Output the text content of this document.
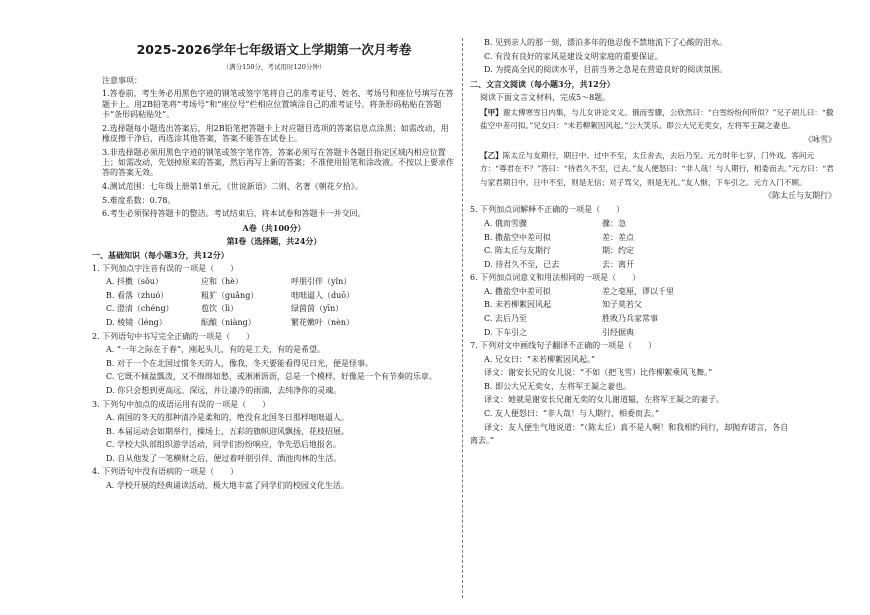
2025-2026学年七年级语文上学期第一次月考卷
（满分150分，考试用时120分钟）
注意事项：
1.答卷前，考生务必用黑色字迹的钢笔或签字笔将自己的准考证号、姓名、考场号和座位号填写在答题卡上。用2B铅笔将“考场号”和“座位号”栏相应位置填涂自己的准考证号。将条形码粘贴在答题卡“条形码粘贴处”。
2.选择题每小题选出答案后，用2B铅笔把答题卡上对应题目选项的答案信息点涂黑；如需改动，用橡皮擦干净后，再选涂其他答案，答案不能答在试卷上。
3.非选择题必须用黑色字迹的钢笔或签字笔作答，答案必须写在答题卡各题目指定区域内相应位置上；如需改动，先划掉原来的答案，然后再写上新的答案；不准使用铅笔和涂改液。不按以上要求作答的答案无效。
4.测试范围：七年级上册第1单元，《世说新语》二则、名著《朝花夕拾》。
5.难度系数：0.78。
6.考生必须保持答题卡的整洁。考试结束后，将本试卷和答题卡一并交回。
A卷（共100分）
第Ⅰ卷（选择题，共24分）
一、基础知识（每小题3分，共12分）
1. 下列加点字注音有误的一项是（　　）
A. 抖擞（sǒu）	应和（hè）	呼朋引伴（yǐn）
B. 看落（zhuó）	粗犷（guǎng）	咄咄逼人（duō）
C. 澄清（chéng）	苞饮（lì）	绿茵茵（yīn）
D. 棱镜（léng）	酝酿（niàng）	繁花嫩叶（nèn）
2. 下列语句中书写完全正确的一项是（　　）
A. “一年之际在于春”，刚起头儿，有的是工夫，有的是希望。
B. 对于一个在北国过惯冬天的人，像我，冬天要能看得见日光，便是怪事。
C. 它既不倾盆瓢泼，又不绵绵如愁，或淅淅沥沥，总是一个模样，好像是一个有节奏的乐章。
D. 你只会想到更高远、深远，并让凄冷的雨滴，去纯净你的灵魂。
3. 下列句中加点的成语运用有误的一项是（　　）
A. 南国的冬天的那种清冷是柔和的，绝没有北国冬日那样咄咄逼人。
B. 本届运动会如期举行，操场上，五彩的旗帜迎风飘扬，花枝招展。
C. 学校大队部组织游学活动，同学们纷纷响应，争先恐后地报名。
D. 自从他发了一笔横财之后，便过着呼朋引伴、酒池肉林的生活。
4. 下列语句中没有语病的一项是（　　）
A. 学校开展的经典诵读活动，极大地丰富了同学们的校园文化生活。
B. 见到亲人的那一刻，漂泊多年的他忍俊不禁地流下了心酸的泪水。
C. 有没有良好的家风是建设文明家庭的重要保证。
D. 为提高全民的阅读水平，目前当务之急是在营造良好的阅读氛围。
二、文言文阅读（每小题3分，共12分）
阅读下面文言文材料，完成5～8题。
【甲】谢太傅寒雪日内集，与儿女讲论文义。俄而雪骤，公欣然曰：“白雪纷纷何所似？”兄子胡儿曰：“撒盐空中差可拟。”兄女曰：“未若柳絮因风起。”公大笑乐。即公大兄无奕女，左将军王凝之妻也。
《咏雪》
【乙】陈太丘与友期行，期日中。过中不至，太丘舍去，去后乃至。元方时年七岁，门外戏。客问元方：“尊君在不？”答曰：“待君久不至，已去。”友人便怒曰：“非人哉！与人期行，相委而去。”元方曰：“君与家君期日中。日中不至，则是无信；对子骂父，则是无礼。”友人惭，下车引之。元方入门不顾。
《陈太丘与友期行》
5. 下列加点词解释不正确的一项是（　　）
A. 俄而雪骤	骤：急
B. 撒盐空中差可拟	差：差点
C. 陈太丘与友期行	期：约定
D. 待君久不至，已去	去：离开
6. 下列加点词意义和用法相同的一项是（　　）
A. 撒盐空中差可拟	差之毫厘，谬以千里
B. 未若柳絮因风起	知子莫若父
C. 去后乃至	胜败乃兵家常事
D. 下车引之	引经据典
7. 下列对文中画线句子翻译不正确的一项是（　　）
A. 兄女曰：“未若柳絮因风起。”
译文：谢安长兄的女儿说：“不如（把飞雪）比作柳絮乘风飞舞。”
B. 即公大兄无奕女，左将军王凝之妻也。
译文：她就是谢安长兄谢无奕的女儿谢道韫，左将军王凝之的妻子。
C. 友人便怒曰：“非人哉！与人期行，相委而去。”
译文：友人便生气地说道：“（陈太丘）真不是人啊！和我相约同行，却抛弃诺言，各自
离去。”
